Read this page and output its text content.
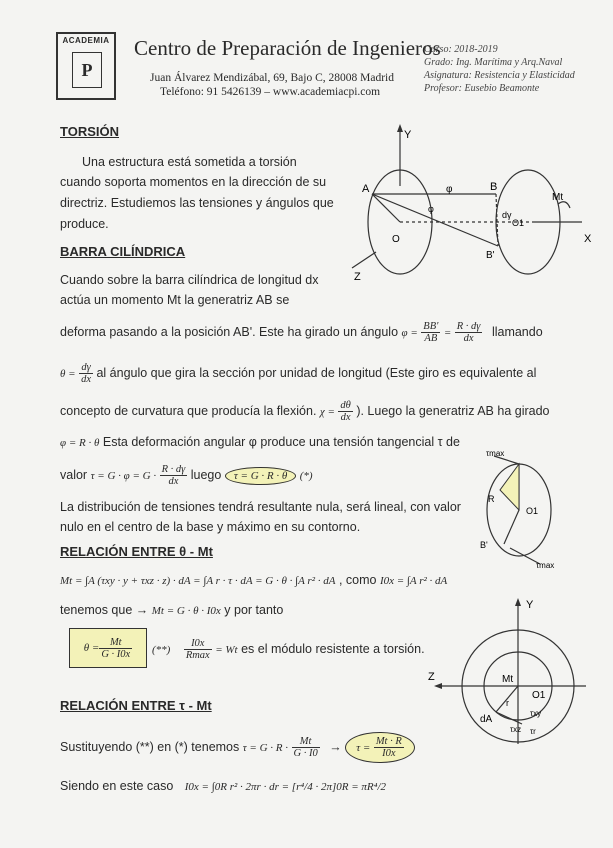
ACADEMIA
P
Centro de Preparación de Ingenieros
Juan Álvarez Mendizábal, 69, Bajo C, 28008 Madrid
Teléfono: 91 5426139 – www.academiacpi.com
Curso: 2018-2019
Grado: Ing. Marítima y Arq.Naval
Asignatura: Resistencia y Elasticidad
Profesor: Eusebio Beamonte
TORSIÓN
Una estructura está sometida a torsión
cuando soporta momentos en la dirección de su
directriz. Estudiemos las tensiones y ángulos que
produce.
Y
X
Z
A	B
B'
O
O1
φ
dγ
Mt
φ
BARRA CILÍNDRICA
Cuando sobre la barra cilíndrica de longitud dx
actúa un momento Mt la generatriz AB se
deforma pasando a la posición AB'. Este ha girado un ángulo $\varphi = \frac{BB'}{AB} = \frac{R \cdot d\gamma}{dx}$ llamando
$\theta = \frac{d\gamma}{dx}$ al ángulo que gira la sección por unidad de longitud (Este giro es equivalente al
concepto de curvatura que producía la flexión. $\chi = \frac{d\theta}{dx}$ ). Luego la generatriz AB ha girado
φ = R · θ Esta deformación angular φ produce una tensión tangencial τ de
valor $\tau = G \cdot \varphi = G \cdot \frac{R \cdot d\gamma}{dx}$ luego τ = G · R · θ (*)
La distribución de tensiones tendrá resultante nula, será lineal, con valor
nulo en el centro de la base y máximo en su contorno.
τmax
τmax
R
O1
B'
RELACIÓN ENTRE θ - Mt
Mt = ∫A (τxy · y + τxz · z) · dA = ∫A r · τ · dA = G · θ · ∫A r² · dA , como I0x = ∫A r² · dA
tenemos que → Mt = G · θ · I0x y por tanto
$\theta = \frac{Mt}{G \cdot I0x}$ (**) $\frac{I0x}{Rmax} = Wt$ es el módulo resistente a torsión.
Y
Z	Mt
O1
r
dA
τxy
τxz τr
RELACIÓN ENTRE τ - Mt
Sustituyendo (**) en (*) tenemos $\tau = G \cdot R \cdot \frac{Mt}{G \cdot I0} \to \tau = \frac{Mt \cdot R}{I0x}$
Siendo en este caso I0x = ∫0R r² · 2πr · dr = [r⁴/4 · 2π]0R = πR⁴/2
